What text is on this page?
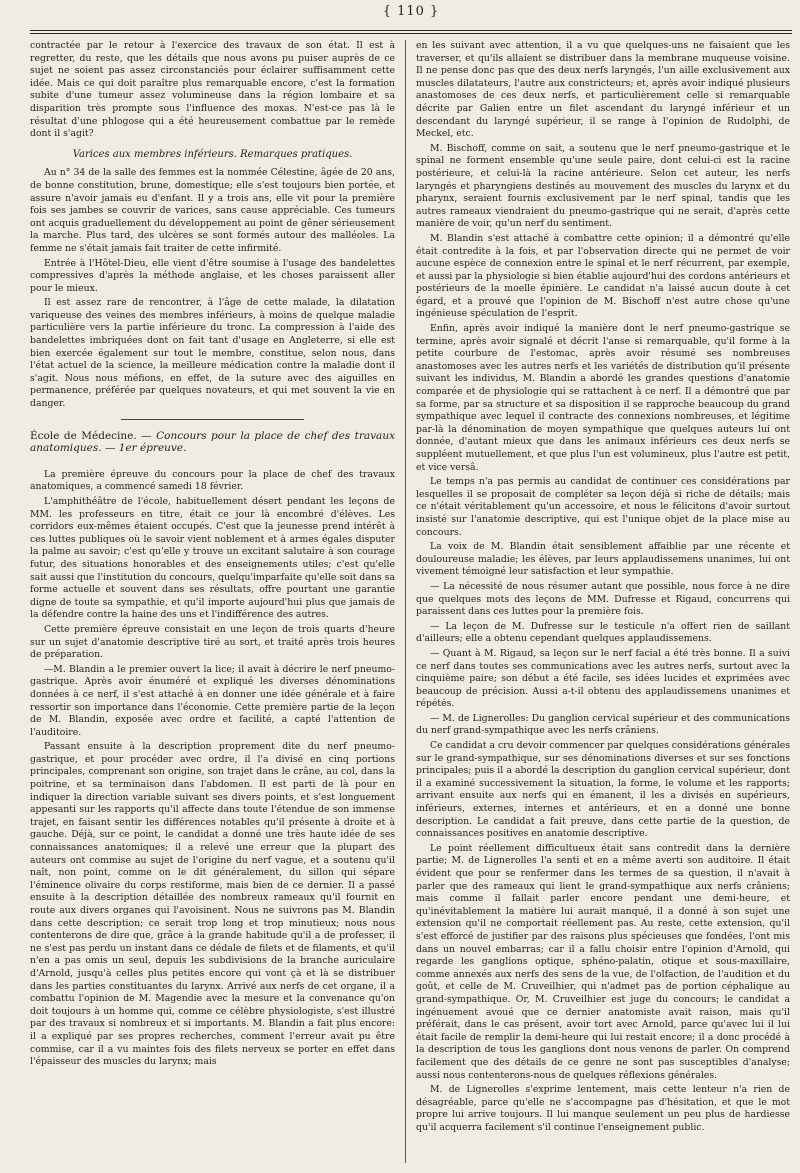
{ 110 }

contractée par le retour à l'exercice des travaux de son état. Il est à regretter, du reste, que les détails que nous avons pu puiser auprès de ce sujet ne soient pas assez circonstanciés pour éclairer suffisamment cette idée. Mais ce qui doit paraître plus remarquable encore, c'est la formation subite d'une tumeur assez volumineuse dans la région lombaire et sa disparition très prompte sous l'influence des moxas. N'est-ce pas là le résultat d'une phlogose qui a été heureusement combattue par le remède dont il s'agit?

Varices aux membres inférieurs. Remarques pratiques.

Au n° 34 de la salle des femmes est la nommée Célestine, âgée de 20 ans, de bonne constitution, brune, domestique; elle s'est toujours bien portée, et assure n'avoir jamais eu d'enfant. Il y a trois ans, elle vit pour la première fois ses jambes se couvrir de varices, sans cause appréciable. Ces tumeurs ont acquis graduellement du développement au point de gêner sérieusement la marche. Plus tard, des ulcères se sont formés autour des malléoles. La femme ne s'était jamais fait traiter de cette infirmité.

Entrée à l'Hôtel-Dieu, elle vient d'être soumise à l'usage des bandelettes compressives d'après la méthode anglaise, et les choses paraissent aller pour le mieux.

Il est assez rare de rencontrer, à l'âge de cette malade, la dilatation variqueuse des veines des membres inférieurs, à moins de quelque maladie particulière vers la partie inférieure du tronc. La compression à l'aide des bandelettes imbriquées dont on fait tant d'usage en Angleterre, si elle est bien exercée également sur tout le membre, constitue, selon nous, dans l'état actuel de la science, la meilleure médication contre la maladie dont il s'agit. Nous nous méfions, en effet, de la suture avec des aiguilles en permanence, préférée par quelques novateurs, et qui met souvent la vie en danger.

École de Médecine. — Concours pour la place de chef des travaux anatomiques. — 1er épreuve.

La première épreuve du concours pour la place de chef des travaux anatomiques, a commencé samedi 18 février.

L'amphithéâtre de l'école, habituellement désert pendant les leçons de MM. les professeurs en titre, était ce jour là encombré d'élèves. Les corridors eux-mêmes étaient occupés. C'est que la jeunesse prend intérêt à ces luttes publiques où le savoir vient noblement et à armes égales disputer la palme au savoir; c'est qu'elle y trouve un excitant salutaire à son courage futur, des situations honorables et des enseignements utiles; c'est qu'elle sait aussi que l'institution du concours, quelqu'imparfaite qu'elle soit dans sa forme actuelle et souvent dans ses résultats, offre pourtant une garantie digne de toute sa sympathie, et qu'il importe aujourd'hui plus que jamais de la défendre contre la haine des uns et l'indifférence des autres.

Cette première épreuve consistait en une leçon de trois quarts d'heure sur un sujet d'anatomie descriptive tiré au sort, et traité après trois heures de préparation.

—M. Blandin a le premier ouvert la lice; il avait à décrire le nerf pneumo-gastrique. Après avoir énuméré et expliqué les diverses dénominations données à ce nerf, il s'est attaché à en donner une idée générale et à faire ressortir son importance dans l'économie. Cette première partie de la leçon de M. Blandin, exposée avec ordre et facilité, a capté l'attention de l'auditoire.

Passant ensuite à la description proprement dite du nerf pneumo-gastrique, et pour procéder avec ordre, il l'a divisé en cinq portions principales, comprenant son origine, son trajet dans le crâne, au col, dans la poitrine, et sa terminaison dans l'abdomen. Il est parti de là pour en indiquer la direction variable suivant ses divers points, et s'est longuement appesanti sur les rapports qu'il affecte dans toute l'étendue de son immense trajet, en faisant sentir les différences notables qu'il présente à droite et à gauche. Déjà, sur ce point, le candidat a donné une très haute idée de ses connaissances anatomiques; il a relevé une erreur que la plupart des auteurs ont commise au sujet de l'origine du nerf vague, et a soutenu qu'il naît, non point, comme on le dit généralement, du sillon qui sépare l'éminence olivaire du corps restiforme, mais bien de ce dernier. Il a passé ensuite à la description détaillée des nombreux rameaux qu'il fournit en route aux divers organes qui l'avoisinent. Nous ne suivrons pas M. Blandin dans cette description; ce serait trop long et trop minutieux; nous nous contenterons de dire que, grâce à la grande habitude qu'il a de professer, il ne s'est pas perdu un instant dans ce dédale de filets et de filaments, et qu'il n'en a pas omis un seul, depuis les subdivisions de la branche auriculaire d'Arnold, jusqu'à celles plus petites encore qui vont çà et là se distribuer dans les parties constituantes du larynx. Arrivé aux nerfs de cet organe, il a combattu l'opinion de M. Magendie avec la mesure et la convenance qu'on doit toujours à un homme qui, comme ce célèbre physiologiste, s'est illustré par des travaux si nombreux et si importants. M. Blandin a fait plus encore: il a expliqué par ses propres recherches, comment l'erreur avait pu être commise, car il a vu maintes fois des filets nerveux se porter en effet dans l'épaisseur des muscles du larynx; mais

en les suivant avec attention, il a vu que quelques-uns ne faisaient que les traverser, et qu'ils allaient se distribuer dans la membrane muqueuse voisine. Il ne pense donc pas que des deux nerfs laryngés, l'un aille exclusivement aux muscles dilatateurs, l'autre aux constricteurs; et, après avoir indiqué plusieurs anastomoses de ces deux nerfs, et particulièrement celle si remarquable décrite par Galien entre un filet ascendant du laryngé inférieur et un descendant du laryngé supérieur, il se range à l'opinion de Rudolphi, de Meckel, etc.

M. Bischoff, comme on sait, a soutenu que le nerf pneumo-gastrique et le spinal ne forment ensemble qu'une seule paire, dont celui-ci est la racine postérieure, et celui-là la racine antérieure. Selon cet auteur, les nerfs laryngés et pharyngiens destinés au mouvement des muscles du larynx et du pharynx, seraient fournis exclusivement par le nerf spinal, tandis que les autres rameaux viendraient du pneumo-gastrique qui ne serait, d'après cette manière de voir, qu'un nerf du sentiment.

M. Blandin s'est attaché à combattre cette opinion; il a démontré qu'elle était contredite à la fois, et par l'observation directe qui ne permet de voir aucune espèce de connexion entre le spinal et le nerf récurrent, par exemple, et aussi par la physiologie si bien établie aujourd'hui des cordons antérieurs et postérieurs de la moelle épinière. Le candidat n'a laissé aucun doute à cet égard, et a prouvé que l'opinion de M. Bischoff n'est autre chose qu'une ingénieuse spéculation de l'esprit.

Enfin, après avoir indiqué la manière dont le nerf pneumo-gastrique se termine, après avoir signalé et décrit l'anse si remarquable, qu'il forme à la petite courbure de l'estomac, après avoir résumé ses nombreuses anastomoses avec les autres nerfs et les variétés de distribution qu'il présente suivant les individus, M. Blandin a abordé les grandes questions d'anatomie comparée et de physiologie qui se rattachent à ce nerf. Il a démontré que par sa forme, par sa structure et sa disposition il se rapproche beaucoup du grand sympathique avec lequel il contracte des connexions nombreuses, et légitime par-là la dénomination de moyen sympathique que quelques auteurs lui ont donnée, d'autant mieux que dans les animaux inférieurs ces deux nerfs se suppléent mutuellement, et que plus l'un est volumineux, plus l'autre est petit, et vice versâ.

Le temps n'a pas permis au candidat de continuer ces considérations par lesquelles il se proposait de compléter sa leçon déjà si riche de détails; mais ce n'était véritablement qu'un accessoire, et nous le félicitons d'avoir surtout insisté sur l'anatomie descriptive, qui est l'unique objet de la place mise au concours.

La voix de M. Blandin était sensiblement affaiblie par une récente et douloureuse maladie; les élèves, par leurs applaudissemens unanimes, lui ont vivement témoigné leur satisfaction et leur sympathie.

— La nécessité de nous résumer autant que possible, nous force à ne dire que quelques mots des leçons de MM. Dufresse et Rigaud, concurrens qui paraissent dans ces luttes pour la première fois.

— La leçon de M. Dufresse sur le testicule n'a offert rien de saillant d'ailleurs; elle a obtenu cependant quelques applaudissemens.

— Quant à M. Rigaud, sa leçon sur le nerf facial a été très bonne. Il a suivi ce nerf dans toutes ses communications avec les autres nerfs, surtout avec la cinquième paire; son début a été facile, ses idées lucides et exprimées avec beaucoup de précision. Aussi a-t-il obtenu des applaudissemens unanimes et répétés.

— M. de Lignerolles: Du ganglion cervical supérieur et des communications du nerf grand-sympathique avec les nerfs crâniens.

Ce candidat a cru devoir commencer par quelques considérations générales sur le grand-sympathique, sur ses dénominations diverses et sur ses fonctions principales; puis il a abordé la description du ganglion cervical supérieur, dont il a examiné successivement la situation, la forme, le volume et les rapports; arrivant ensuite aux nerfs qui en émanent, il les a divisés en supérieurs, inférieurs, externes, internes et antérieurs, et en a donné une bonne description. Le candidat a fait preuve, dans cette partie de la question, de connaissances positives en anatomie descriptive.

Le point réellement difficultueux était sans contredit dans la dernière partie; M. de Lignerolles l'a senti et en a même averti son auditoire. Il était évident que pour se renfermer dans les termes de sa question, il n'avait à parler que des rameaux qui lient le grand-sympathique aux nerfs crâniens; mais comme il fallait parler encore pendant une demi-heure, et qu'inévitablement la matière lui aurait manqué, il a donné à son sujet une extension qu'il ne comportait réellement pas. Au reste, cette extension, qu'il s'est efforcé de justifier par des raisons plus spécieuses que fondées, l'ont mis dans un nouvel embarras; car il a fallu choisir entre l'opinion d'Arnold, qui regarde les ganglions optique, sphéno-palatin, otique et sous-maxillaire, comme annexés aux nerfs des sens de la vue, de l'olfaction, de l'audition et du goût, et celle de M. Cruveilhier, qui n'admet pas de portion céphalique au grand-sympathique. Or, M. Cruveilhier est juge du concours; le candidat a ingénuement avoué que ce dernier anatomiste avait raison, mais qu'il préférait, dans le cas présent, avoir tort avec Arnold, parce qu'avec lui il lui était facile de remplir la demi-heure qui lui restait encore; il a donc procédé à la description de tous les ganglions dont nous venons de parler. On comprend facilement que des détails de ce genre ne sont pas susceptibles d'analyse; aussi nous contenterons-nous de quelques réflexions générales.

M. de Lignerolles s'exprime lentement, mais cette lenteur n'a rien de désagréable, parce qu'elle ne s'accompagne pas d'hésitation, et que le mot propre lui arrive toujours. Il lui manque seulement un peu plus de hardiesse qu'il acquerra facilement s'il continue l'enseignement public.
